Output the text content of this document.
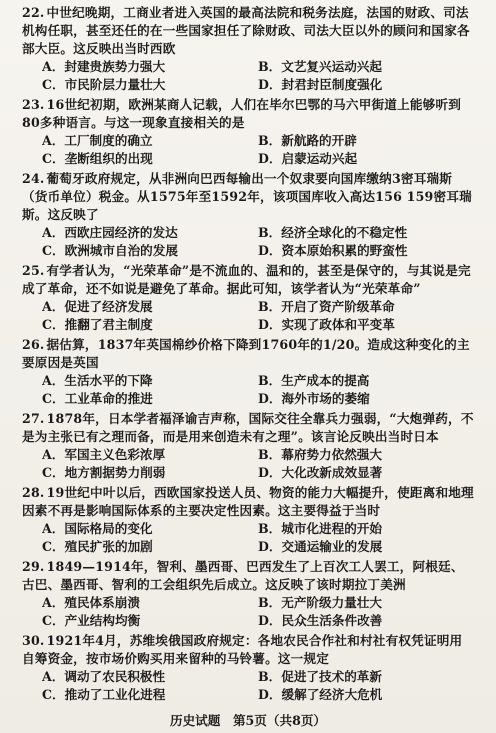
22. 中世纪晚期，工商业者进入英国的最高法院和税务法庭，法国的财政、司法机构任职，甚至还任的在一些国家担任了除财政、司法大臣以外的顾问和国家各部大臣。这反映出当时西欧

A．封建贵族势力强大	B．文艺复兴运动兴起
C．市民阶层力量壮大	D．封君封臣制度强化

23. 16世纪初期，欧洲某商人记载，人们在毕尔巴鄂的马六甲街道上能够听到80多种语言。与这一现象直接相关的是

A．工厂制度的确立	B．新航路的开辟
C．垄断组织的出现	D．启蒙运动兴起

24. 葡萄牙政府规定，从非洲向巴西每输出一个奴隶要向国库缴纳3密耳瑞斯（货币单位）税金。从1575年至1592年，该项国库收入高达156 159密耳瑞斯。这反映了

A．西欧庄园经济的发达	B．经济全球化的不稳定性
C．欧洲城市自治的发展	D．资本原始积累的野蛮性

25. 有学者认为，“光荣革命”是不流血的、温和的，甚至是保守的，与其说是完成了革命，还不如说是避免了革命。据此可知，该学者认为“光荣革命”

A．促进了经济发展	B．开启了资产阶级革命
C．推翻了君主制度	D．实现了政体和平变革

26. 据估算，1837年英国棉纱价格下降到1760年的1/20。造成这种变化的主要原因是英国

A．生活水平的下降	B．生产成本的提高
C．工业革命的推进	D．海外市场的萎缩

27. 1878年，日本学者福泽谕吉声称，国际交往全靠兵力强弱，“大炮弹药，不是为主张已有之理而备，而是用来创造未有之理”。该言论反映出当时日本

A．军国主义色彩浓厚	B．幕府势力依然强大
C．地方割据势力削弱	D．大化改新成效显著

28. 19世纪中叶以后，西欧国家投送人员、物资的能力大幅提升，使距离和地理因素不再是影响国际体系的主要决定性因素。这主要得益于当时

A．国际格局的变化	B．城市化进程的开始
C．殖民扩张的加剧	D．交通运输业的发展

29. 1849—1914年，智利、墨西哥、巴西发生了上百次工人罢工，阿根廷、古巴、墨西哥、智利的工会组织先后成立。这反映了该时期拉丁美洲

A．殖民体系崩溃	B．无产阶级力量壮大
C．产业结构均衡	D．民众生活条件改善

30. 1921年4月，苏维埃俄国政府规定：各地农民合作社和村社有权凭证明用自筹资金，按市场价购买用来留种的马铃薯。这一规定

A．调动了农民积极性	B．促进了技术的革新
C．推动了工业化进程	D．缓解了经济大危机
历史试题　第5页（共8页）
